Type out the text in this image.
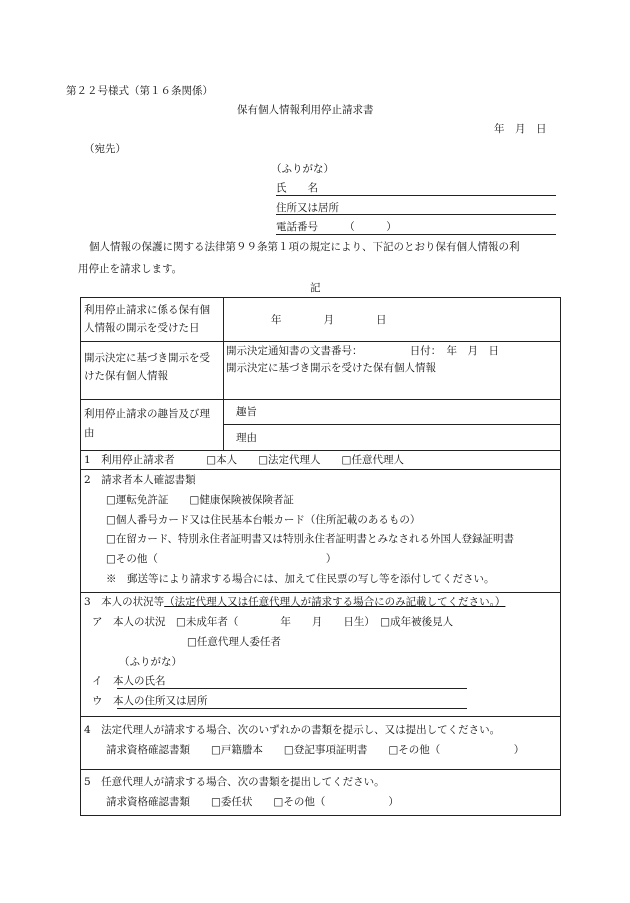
第２２号様式（第１６条関係）
保有個人情報利用停止請求書
年　月　日
（宛先）
（ふりがな）
氏　　名
住所又は居所
電話番号　　　（　　　）
個人情報の保護に関する法律第９９条第１項の規定により、下記のとおり保有個人情報の利
用停止を請求します。
記
利用停止請求に係る保有個
人情報の開示を受けた日
年　　　　月　　　　日
開示決定に基づき開示を受
けた保有個人情報
開示決定通知書の文書番号：　　　　　日付：　年　月　日
開示決定に基づき開示を受けた保有個人情報
利用停止請求の趣旨及び理
由
趣旨
理由
1　利用停止請求者　　　□本人　　□法定代理人　　□任意代理人
2　請求者本人確認書類
□運転免許証　　□健康保険被保険者証
□個人番号カード又は住民基本台帳カード（住所記載のあるもの）
□在留カード、特別永住者証明書又は特別永住者証明書とみなされる外国人登録証明書
□その他（　　　　　　　　　　　　　　　　）
※　郵送等により請求する場合には、加えて住民票の写し等を添付してください。
3　本人の状況等（法定代理人又は任意代理人が請求する場合にのみ記載してください。）
ア　本人の状況　□未成年者（　　　　年　　月　　日生）　□成年被後見人
□任意代理人委任者
（ふりがな）
イ　本人の氏名
ウ　本人の住所又は居所
4　法定代理人が請求する場合、次のいずれかの書類を提示し、又は提出してください。
請求資格確認書類　　□戸籍謄本　　□登記事項証明書　　□その他（　　　　　　　）
5　任意代理人が請求する場合、次の書類を提出してください。
請求資格確認書類　　□委任状　　□その他（　　　　　　）
